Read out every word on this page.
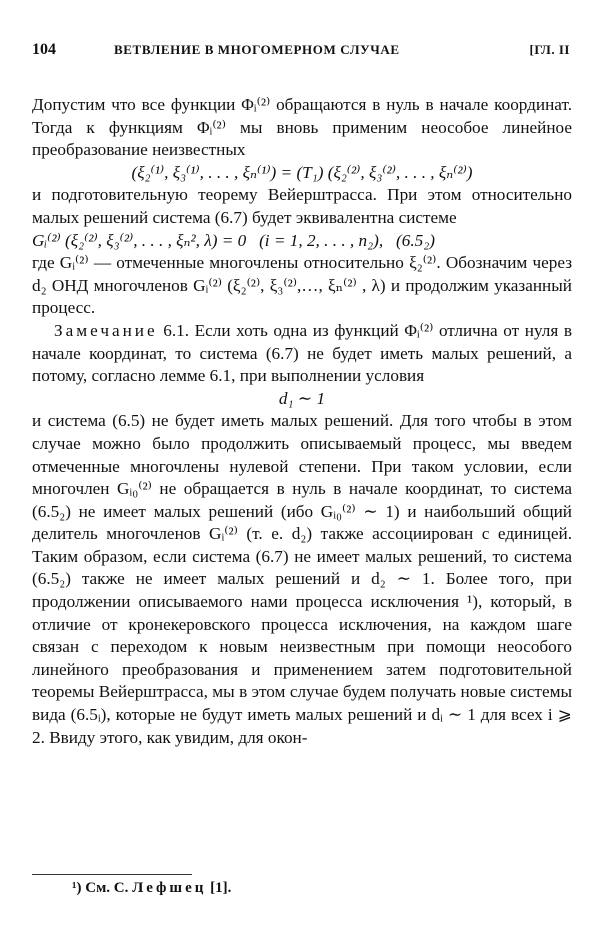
104	ВЕТВЛЕНИЕ В МНОГОМЕРНОМ СЛУЧАЕ	[ГЛ. II

Допустим что все функции Φᵢ⁽²⁾ обращаются в нуль в начале координат. Тогда к функциям Φᵢ⁽²⁾ мы вновь применим неособое линейное преобразование неизвестных

(ξ₂⁽¹⁾, ξ₃⁽¹⁾, . . . , ξₙ⁽¹⁾) = (T₁) (ξ₂⁽²⁾, ξ₃⁽²⁾, . . . , ξₙ⁽²⁾)

и подготовительную теорему Вейерштрасса. При этом относительно малых решений система (6.7) будет эквивалентна системе

Gᵢ⁽²⁾ (ξ₂⁽²⁾, ξ₃⁽²⁾, . . . , ξₙ², λ) = 0   (i = 1, 2, . . . , n₂),   (6.5₂)

где Gᵢ⁽²⁾ — отмеченные многочлены относительно ξ₂⁽²⁾. Обозначим через d₂ ОНД многочленов Gᵢ⁽²⁾ (ξ₂⁽²⁾, ξ₃⁽²⁾,…, ξₙ⁽²⁾ , λ) и продолжим указанный процесс.

Замечание 6.1. Если хоть одна из функций Φᵢ⁽²⁾ отлична от нуля в начале координат, то система (6.7) не будет иметь малых решений, а потому, согласно лемме 6.1, при выполнении условия

d₁ ∼ 1

и система (6.5) не будет иметь малых решений. Для того чтобы в этом случае можно было продолжить описываемый процесс, мы введем отмеченные многочлены нулевой степени. При таком условии, если многочлен Gᵢ₀⁽²⁾ не обращается в нуль в начале координат, то система (6.5₂) не имеет малых решений (ибо Gᵢ₀⁽²⁾ ∼ 1) и наибольший общий делитель многочленов Gᵢ⁽²⁾ (т. е. d₂) также ассоциирован с единицей. Таким образом, если система (6.7) не имеет малых решений, то система (6.5₂) также не имеет малых решений и d₂ ∼ 1. Более того, при продолжении описываемого нами процесса исключения ¹), который, в отличие от кронекеровского процесса исключения, на каждом шаге связан с переходом к новым неизвестным при помощи неособого линейного преобразования и применением затем подготовительной теоремы Вейерштрасса, мы в этом случае будем получать новые системы вида (6.5ᵢ), которые не будут иметь малых решений и dᵢ ∼ 1 для всех i ⩾ 2. Ввиду этого, как увидим, для окон-

¹) См. С. Лефшец [1].
